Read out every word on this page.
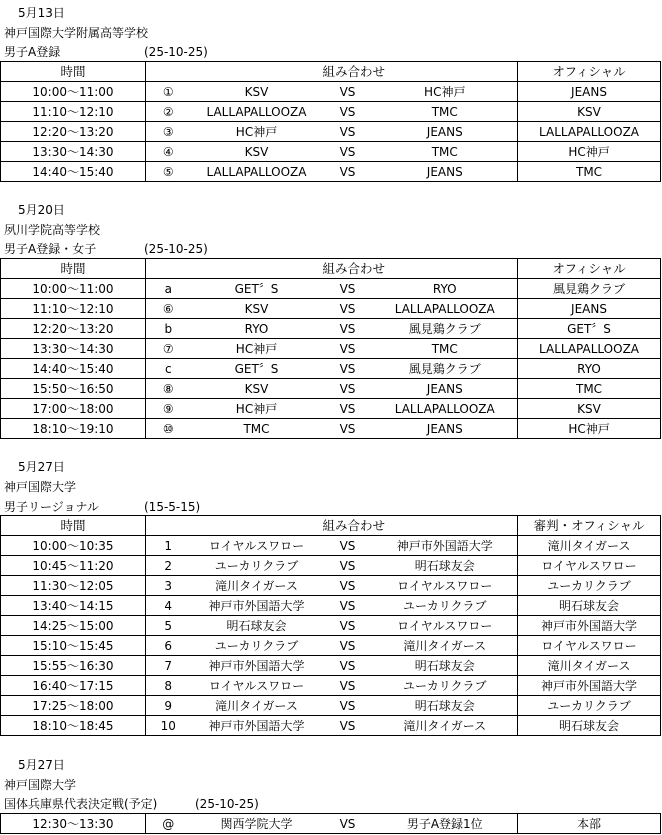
5月13日
神戸国際大学附属高等学校
男子A登録	(25-10-25)
時間		組み合わせ			オフィシャル
10:00～11:00	①	KSV	VS	HC神戸	JEANS
11:10～12:10	②	LALLAPALLOOZA	VS	TMC	KSV
12:20～13:20	③	HC神戸	VS	JEANS	LALLAPALLOOZA
13:30～14:30	④	KSV	VS	TMC	HC神戸
14:40～15:40	⑤	LALLAPALLOOZA	VS	JEANS	TMC
5月20日
夙川学院高等学校
男子A登録・女子	(25-10-25)
時間		組み合わせ			オフィシャル
10:00～11:00	a	GET〞S	VS	RYO	風見鶏クラブ
11:10～12:10	⑥	KSV	VS	LALLAPALLOOZA	JEANS
12:20～13:20	b	RYO	VS	風見鶏クラブ	GET〞S
13:30～14:30	⑦	HC神戸	VS	TMC	LALLAPALLOOZA
14:40～15:40	c	GET〞S	VS	風見鶏クラブ	RYO
15:50～16:50	⑧	KSV	VS	JEANS	TMC
17:00～18:00	⑨	HC神戸	VS	LALLAPALLOOZA	KSV
18:10～19:10	⑩	TMC	VS	JEANS	HC神戸
5月27日
神戸国際大学
男子リージョナル	(15-5-15)
時間		組み合わせ			審判・オフィシャル
10:00～10:35	1	ロイヤルスワロー	VS	神戸市外国語大学	滝川タイガース
10:45～11:20	2	ユーカリクラブ	VS	明石球友会	ロイヤルスワロー
11:30～12:05	3	滝川タイガース	VS	ロイヤルスワロー	ユーカリクラブ
13:40～14:15	4	神戸市外国語大学	VS	ユーカリクラブ	明石球友会
14:25～15:00	5	明石球友会	VS	ロイヤルスワロー	神戸市外国語大学
15:10～15:45	6	ユーカリクラブ	VS	滝川タイガース	ロイヤルスワロー
15:55～16:30	7	神戸市外国語大学	VS	明石球友会	滝川タイガース
16:40～17:15	8	ロイヤルスワロー	VS	ユーカリクラブ	神戸市外国語大学
17:25～18:00	9	滝川タイガース	VS	明石球友会	ユーカリクラブ
18:10～18:45	10	神戸市外国語大学	VS	滝川タイガース	明石球友会
5月27日
神戸国際大学
国体兵庫県代表決定戦(予定)	(25-10-25)
12:30～13:30	@	関西学院大学	VS	男子A登録1位	本部
